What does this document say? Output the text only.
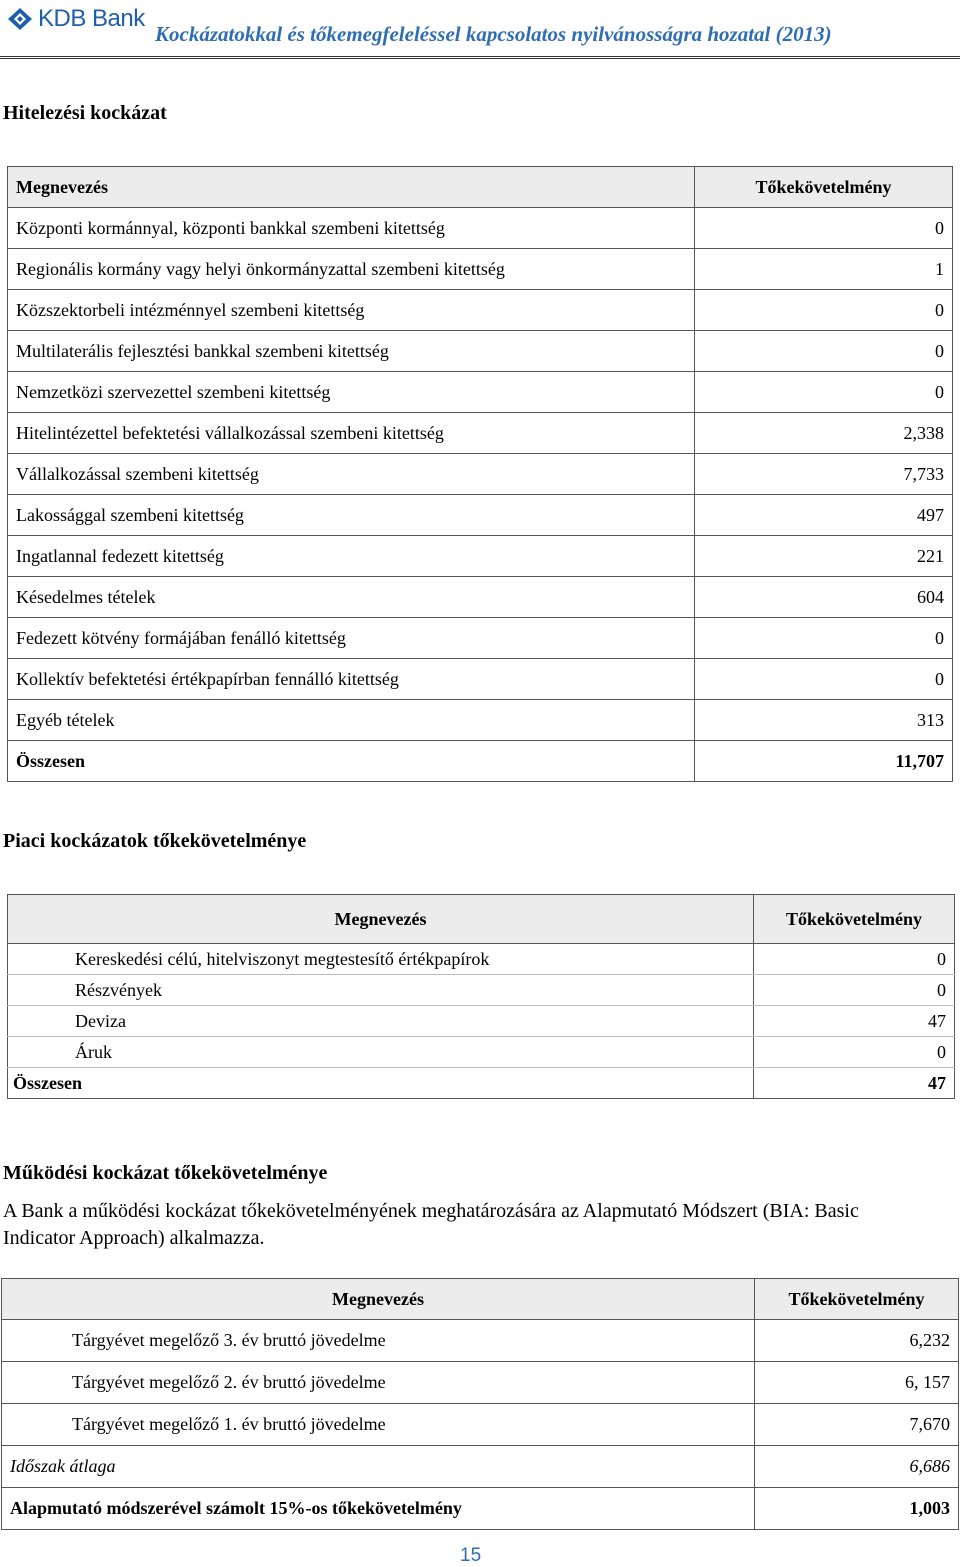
KDB Bank
Kockázatokkal és tőkemegfeleléssel kapcsolatos nyilvánosságra hozatal (2013)
Hitelezési kockázat
Megnevezés	Tőkekövetelmény
Központi kormánnyal, központi bankkal szembeni kitettség	0
Regionális kormány vagy helyi önkormányzattal szembeni kitettség	1
Közszektorbeli intézménnyel szembeni kitettség	0
Multilaterális fejlesztési bankkal szembeni kitettség	0
Nemzetközi szervezettel szembeni kitettség	0
Hitelintézettel befektetési vállalkozással szembeni kitettség	2,338
Vállalkozással szembeni kitettség	7,733
Lakossággal szembeni kitettség	497
Ingatlannal fedezett kitettség	221
Késedelmes tételek	604
Fedezett kötvény formájában fenálló kitettség	0
Kollektív befektetési értékpapírban fennálló kitettség	0
Egyéb tételek	313
Összesen	11,707
Piaci kockázatok tőkekövetelménye
Megnevezés	Tőkekövetelmény
Kereskedési célú, hitelviszonyt megtestesítő értékpapírok	0
Részvények	0
Deviza	47
Áruk	0
Összesen	47
Működési kockázat tőkekövetelménye
A Bank a működési kockázat tőkekövetelményének meghatározására az Alapmutató Módszert (BIA: Basic Indicator Approach) alkalmazza.
Megnevezés	Tőkekövetelmény
Tárgyévet megelőző 3. év bruttó jövedelme	6,232
Tárgyévet megelőző 2. év bruttó jövedelme	6, 157
Tárgyévet megelőző 1. év bruttó jövedelme	7,670
Időszak átlaga	6,686
Alapmutató módszerével számolt 15%-os tőkekövetelmény	1,003
15
